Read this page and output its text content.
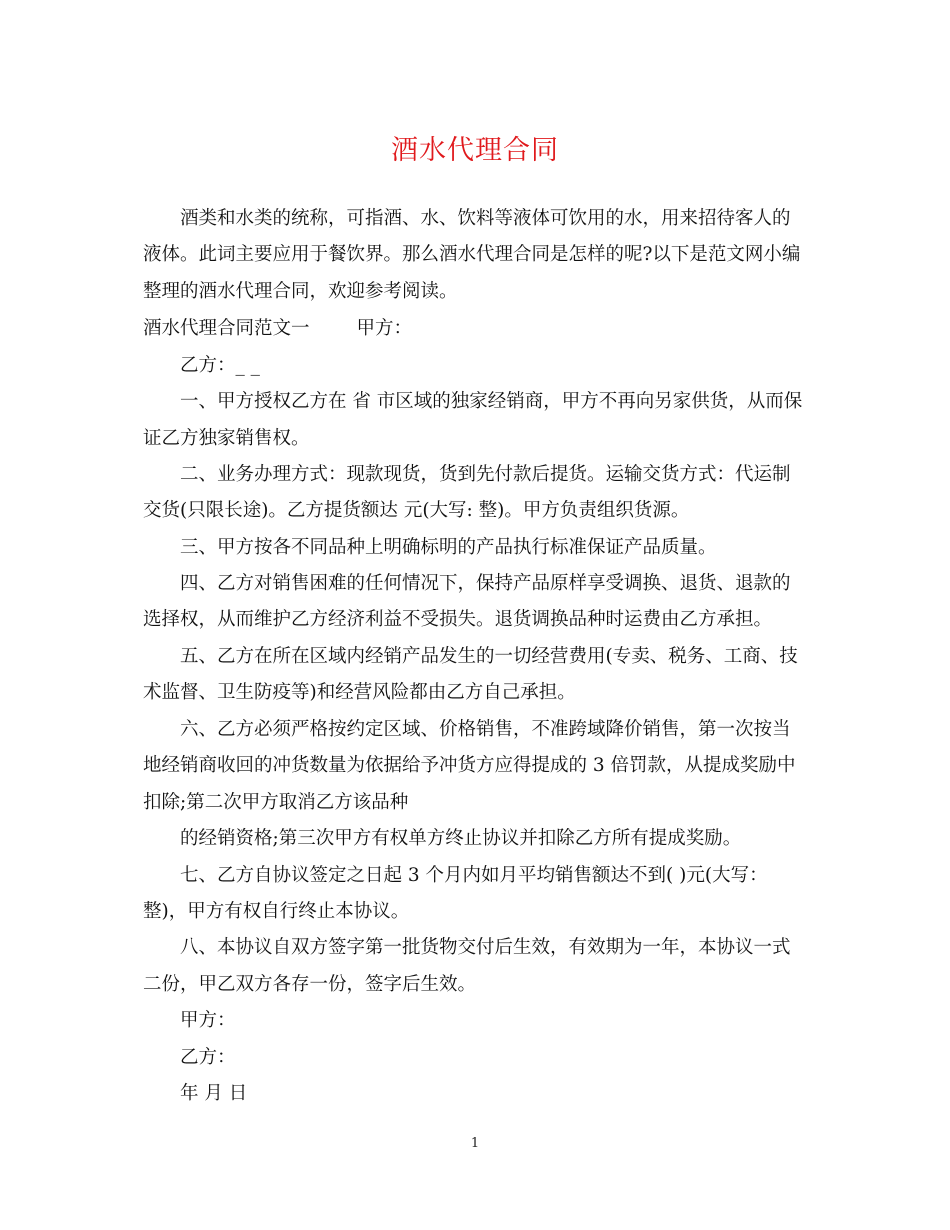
酒水代理合同
酒类和水类的统称，可指酒、水、饮料等液体可饮用的水，用来招待客人的
液体。此词主要应用于餐饮界。那么酒水代理合同是怎样的呢?以下是范文网小编
整理的酒水代理合同，欢迎参考阅读。
酒水代理合同范文一        甲方：
乙方：_ _
一、甲方授权乙方在 省 市区域的独家经销商，甲方不再向另家供货，从而保
证乙方独家销售权。
二、业务办理方式：现款现货，货到先付款后提货。运输交货方式：代运制
交货(只限长途)。乙方提货额达 元(大写: 整)。甲方负责组织货源。
三、甲方按各不同品种上明确标明的产品执行标准保证产品质量。
四、乙方对销售困难的任何情况下，保持产品原样享受调换、退货、退款的
选择权，从而维护乙方经济利益不受损失。退货调换品种时运费由乙方承担。
五、乙方在所在区域内经销产品发生的一切经营费用(专卖、税务、工商、技
术监督、卫生防疫等)和经营风险都由乙方自己承担。
六、乙方必须严格按约定区域、价格销售，不准跨域降价销售，第一次按当
地经销商收回的冲货数量为依据给予冲货方应得提成的 3 倍罚款，从提成奖励中
扣除;第二次甲方取消乙方该品种
的经销资格;第三次甲方有权单方终止协议并扣除乙方所有提成奖励。
七、乙方自协议签定之日起 3 个月内如月平均销售额达不到( )元(大写：
整)，甲方有权自行终止本协议。
八、本协议自双方签字第一批货物交付后生效，有效期为一年，本协议一式
二份，甲乙双方各存一份，签字后生效。
甲方：
乙方：
年 月 日
1
